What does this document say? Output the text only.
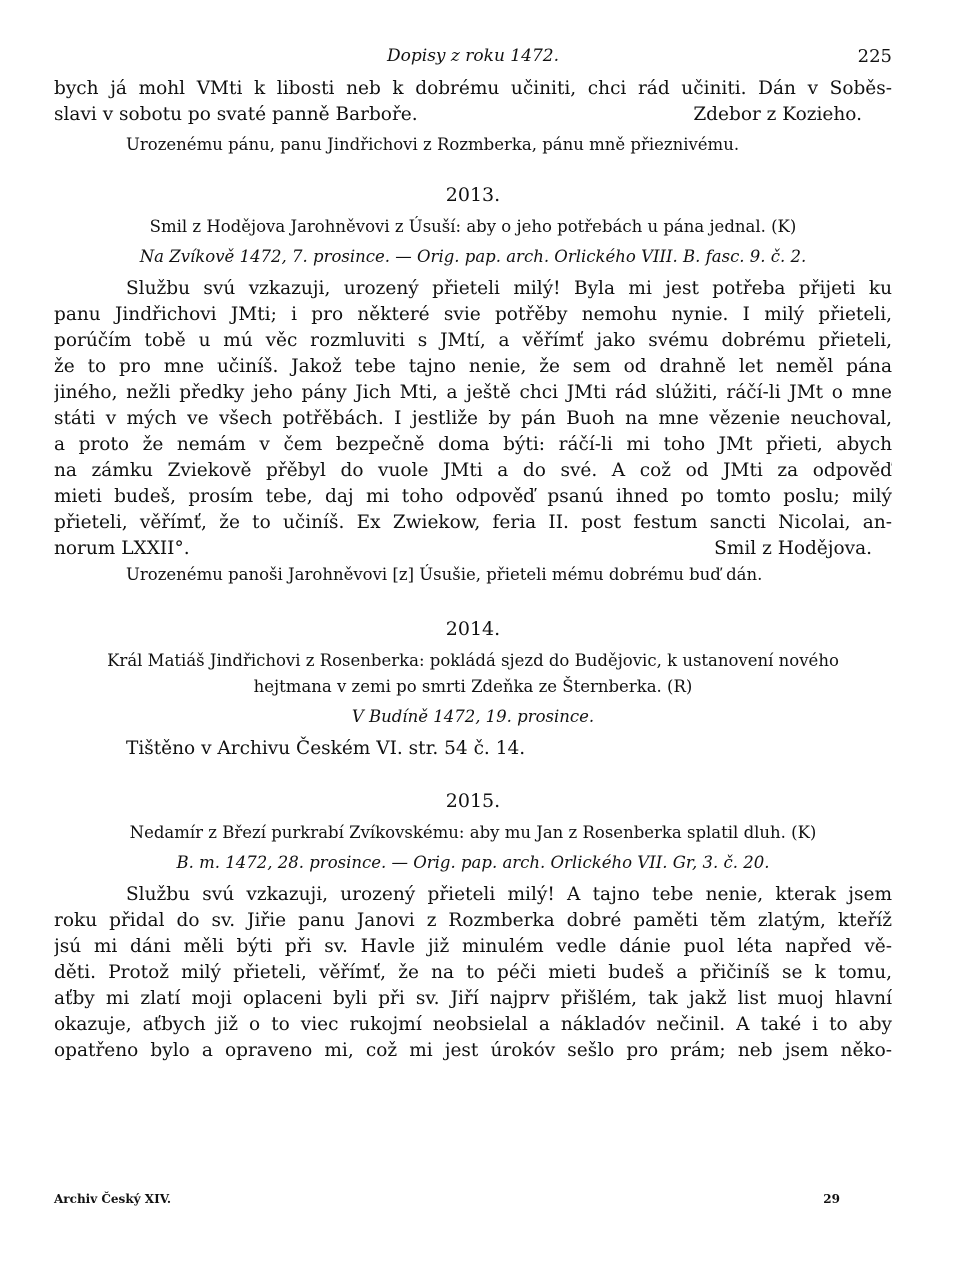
Dopisy z roku 1472.	225
bych já mohl VMti k libosti neb k dobrému učiniti, chci rád učiniti. Dán v Soběs-
slavi v sobotu po svaté panně Barboře.	Zdebor z Kozieho.
Urozenému pánu, panu Jindřichovi z Rozmberka, pánu mně přieznivému.
2013.
Smil z Hodějova Jarohněvovi z Úsuší: aby o jeho potřebách u pána jednal. (K)
Na Zvíkově 1472, 7. prosince. — Orig. pap. arch. Orlického VIII. B. fasc. 9. č. 2.
Službu svú vzkazuji, urozený přieteli milý! Byla mi jest potřeba přijeti ku
panu Jindřichovi JMti; i pro některé svie potřěby nemohu nynie. I milý přieteli,
porúčím tobě u mú věc rozmluviti s JMtí, a věřímť jako svému dobrému přieteli,
že to pro mne učiníš. Jakož tebe tajno nenie, že sem od drahně let neměl pána
jiného, nežli předky jeho pány Jich Mti, a ještě chci JMti rád slúžiti, ráčí-li JMt o mne
státi v mých ve všech potřěbách. I jestliže by pán Buoh na mne vězenie neuchoval,
a proto že nemám v čem bezpečně doma býti: ráčí-li mi toho JMt přieti, abych
na zámku Zviekově přěbyl do vuole JMti a do své. A což od JMti za odpověď
mieti budeš, prosím tebe, daj mi toho odpověď psanú ihned po tomto poslu; milý
přieteli, věřímť, že to učiníš. Ex Zwiekow, feria II. post festum sancti Nicolai, an-
norum LXXII°.	Smil z Hodějova.
Urozenému panoši Jarohněvovi [z] Úsušie, přieteli mému dobrému buď dán.
2014.
Král Matiáš Jindřichovi z Rosenberka: pokládá sjezd do Budějovic, k ustanovení nového
hejtmana v zemi po smrti Zdeňka ze Šternberka. (R)
V Budíně 1472, 19. prosince.
Tištěno v Archivu Českém VI. str. 54 č. 14.
2015.
Nedamír z Březí purkrabí Zvíkovskému: aby mu Jan z Rosenberka splatil dluh. (K)
B. m. 1472, 28. prosince. — Orig. pap. arch. Orlického VII. Gr, 3. č. 20.
Službu svú vzkazuji, urozený přieteli milý! A tajno tebe nenie, kterak jsem
roku přidal do sv. Jiřie panu Janovi z Rozmberka dobré paměti těm zlatým, kteříž
jsú mi dáni měli býti při sv. Havle již minulém vedle dánie puol léta napřed vě-
děti. Protož milý přieteli, věřímť, že na to péči mieti budeš a přičiníš se k tomu,
aťby mi zlatí moji oplaceni byli při sv. Jiří najprv přišlém, tak jakž list muoj hlavní
okazuje, aťbych již o to viec rukojmí neobsielal a nákladóv nečinil. A také i to aby
opatřeno bylo a opraveno mi, což mi jest úrokóv sešlo pro prám; neb jsem něko-
Archiv Český XIV.	29
